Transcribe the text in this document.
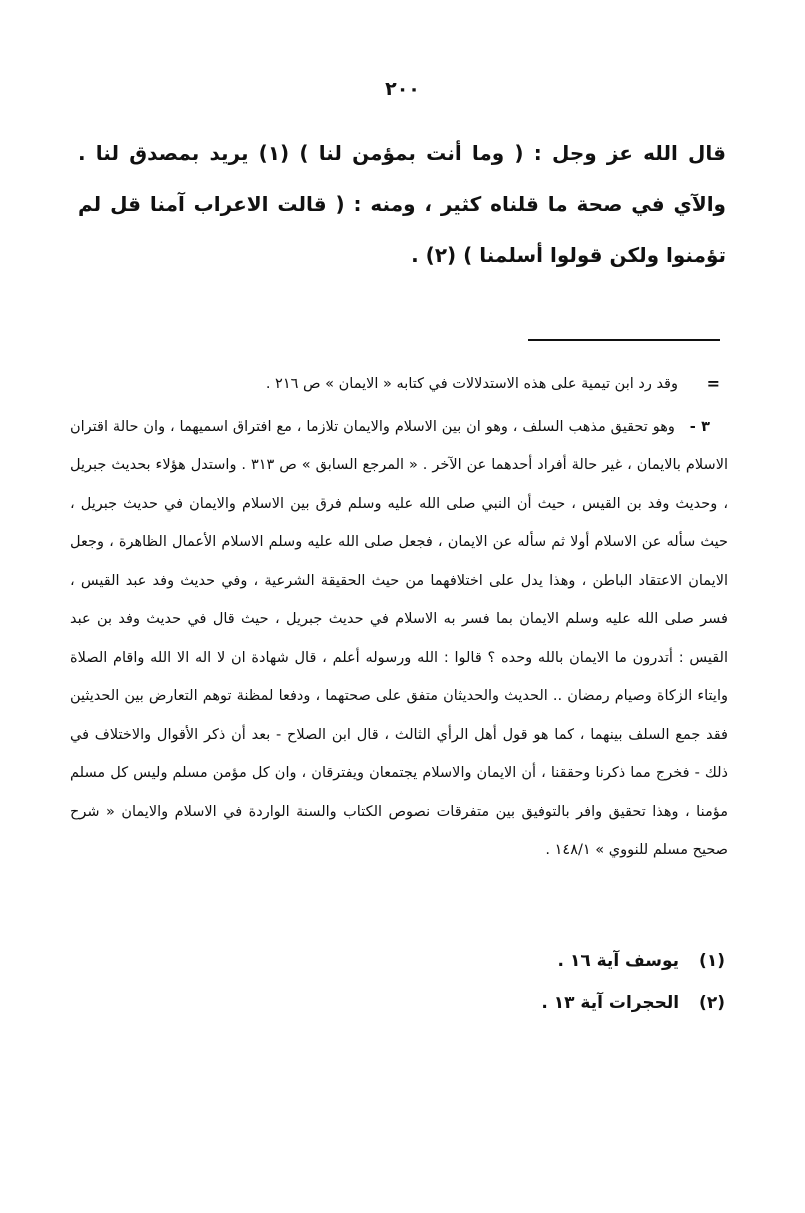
٢٠٠

قال الله عز وجل : ( وما أنت بمؤمن لنا ) (١) يريد بمصدق لنا . والآي في صحة ما قلناه كثير ، ومنه : ( قالت الاعراب آمنا قل لم تؤمنوا ولكن قولوا أسلمنا ) (٢) .

=
وقد رد ابن تيمية على هذه الاستدلالات في كتابه « الايمان » ص ٢١٦ .

٣ - وهو تحقيق مذهب السلف ، وهو ان بين الاسلام والايمان تلازما ، مع افتراق اسميهما ، وان حالة اقتران الاسلام بالايمان ، غير حالة أفراد أحدهما عن الآخر . « المرجع السابق » ص ٣١٣ . واستدل هؤلاء بحديث جبريل ، وحديث وفد بن القيس ، حيث أن النبي صلى الله عليه وسلم فرق بين الاسلام والايمان في حديث جبريل ، حيث سأله عن الاسلام أولا ثم سأله عن الايمان ، فجعل صلى الله عليه وسلم الاسلام الأعمال الظاهرة ، وجعل الايمان الاعتقاد الباطن ، وهذا يدل على اختلافهما من حيث الحقيقة الشرعية ، وفي حديث وفد عبد القيس ، فسر صلى الله عليه وسلم الايمان بما فسر به الاسلام في حديث جبريل ، حيث قال في حديث وفد بن عبد القيس : أتدرون ما الايمان بالله وحده ؟ قالوا : الله ورسوله أعلم ، قال شهادة ان لا اله الا الله واقام الصلاة وايتاء الزكاة وصيام رمضان .. الحديث والحديثان متفق على صحتهما ، ودفعا لمظنة توهم التعارض بين الحديثين فقد جمع السلف بينهما ، كما هو قول أهل الرأي الثالث ، قال ابن الصلاح - بعد أن ذكر الأقوال والاختلاف في ذلك - فخرج مما ذكرنا وحققنا ، أن الايمان والاسلام يجتمعان ويفترقان ، وان كل مؤمن مسلم وليس كل مسلم مؤمنا ، وهذا تحقيق وافر بالتوفيق بين متفرقات نصوص الكتاب والسنة الواردة في الاسلام والايمان « شرح صحيح مسلم للنووي » ١٤٨/١ .

(١) يوسف آية ١٦ .
(٢) الحجرات آية ١٣ .
